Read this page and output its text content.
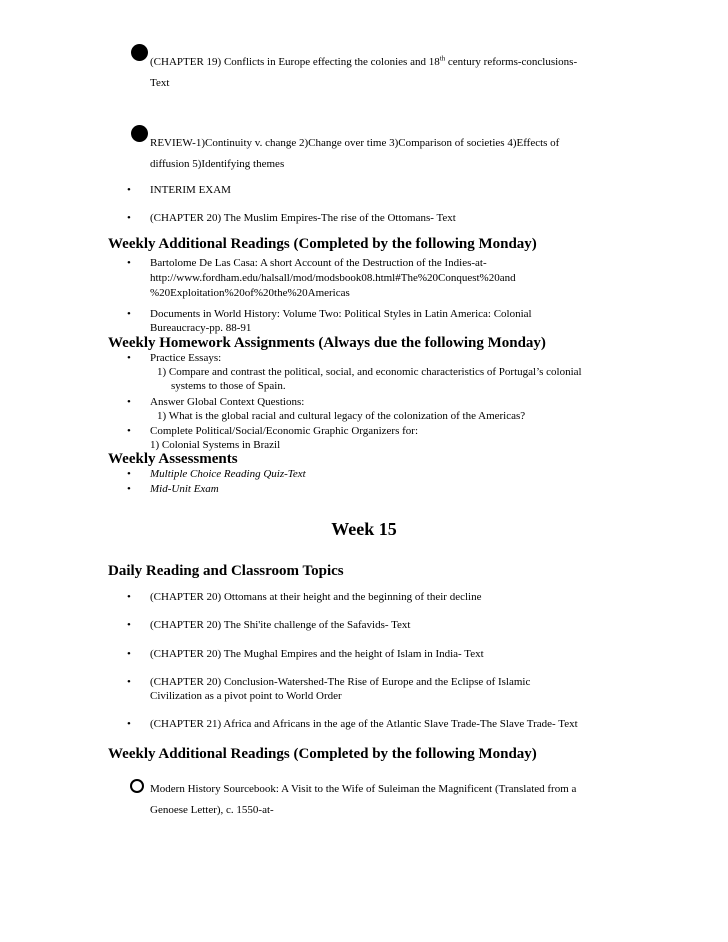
(CHAPTER 19) Conflicts in Europe effecting the colonies and 18th century reforms-conclusions-
Text
REVIEW-1)Continuity v. change 2)Change over time 3)Comparison of societies 4)Effects of
diffusion 5)Identifying themes
• INTERIM EXAM
• (CHAPTER 20) The Muslim Empires-The rise of the Ottomans- Text
Weekly Additional Readings (Completed by the following Monday)
• Bartolome De Las Casa: A short Account of the Destruction of the Indies-at-
http://www.fordham.edu/halsall/mod/modsbook08.html#The%20Conquest%20and
%20Exploitation%20of%20the%20Americas
• Documents in World History: Volume Two: Political Styles in Latin America: Colonial
Bureaucracy-pp. 88-91
Weekly Homework Assignments (Always due the following Monday)
• Practice Essays:
1) Compare and contrast the political, social, and economic characteristics of Portugal’s colonial
systems to those of Spain.
• Answer Global Context Questions:
1) What is the global racial and cultural legacy of the colonization of the Americas?
• Complete Political/Social/Economic Graphic Organizers for:
1) Colonial Systems in Brazil
Weekly Assessments
• Multiple Choice Reading Quiz-Text
• Mid-Unit Exam
Week 15
Daily Reading and Classroom Topics
• (CHAPTER 20) Ottomans at their height and the beginning of their decline
• (CHAPTER 20) The Shi'ite challenge of the Safavids- Text
• (CHAPTER 20) The Mughal Empires and the height of Islam in India- Text
• (CHAPTER 20) Conclusion-Watershed-The Rise of Europe and the Eclipse of Islamic
Civilization as a pivot point to World Order
• (CHAPTER 21) Africa and Africans in the age of the Atlantic Slave Trade-The Slave Trade- Text
Weekly Additional Readings (Completed by the following Monday)
Modern History Sourcebook: A Visit to the Wife of Suleiman the Magnificent (Translated from a
Genoese Letter), c. 1550-at-
